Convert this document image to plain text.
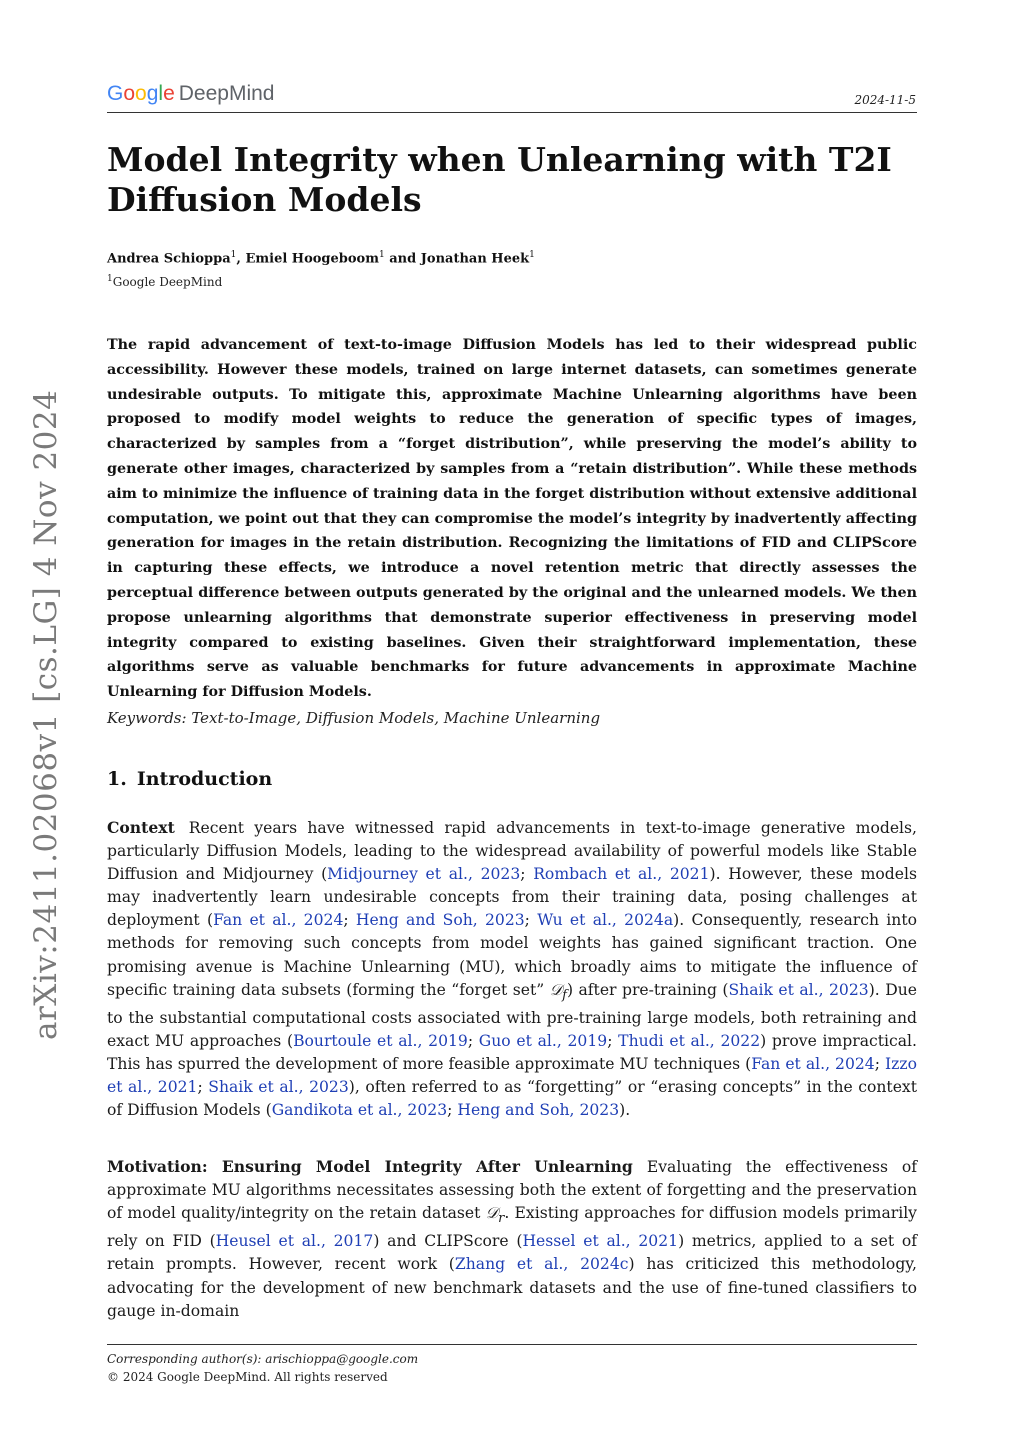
Google DeepMind	2024-11-5
arXiv:2411.02068v1 [cs.LG] 4 Nov 2024
Model Integrity when Unlearning with T2I Diffusion Models
Andrea Schioppa$^1$, Emiel Hoogeboom$^1$ and Jonathan Heek$^1$
$^1$Google DeepMind
The rapid advancement of text-to-image Diffusion Models has led to their widespread public accessibility. However these models, trained on large internet datasets, can sometimes generate undesirable outputs. To mitigate this, approximate Machine Unlearning algorithms have been proposed to modify model weights to reduce the generation of specific types of images, characterized by samples from a “forget distribution”, while preserving the model’s ability to generate other images, characterized by samples from a “retain distribution”. While these methods aim to minimize the influence of training data in the forget distribution without extensive additional computation, we point out that they can compromise the model’s integrity by inadvertently affecting generation for images in the retain distribution. Recognizing the limitations of FID and CLIPScore in capturing these effects, we introduce a novel retention metric that directly assesses the perceptual difference between outputs generated by the original and the unlearned models. We then propose unlearning algorithms that demonstrate superior effectiveness in preserving model integrity compared to existing baselines. Given their straightforward implementation, these algorithms serve as valuable benchmarks for future advancements in approximate Machine Unlearning for Diffusion Models.
Keywords: Text-to-Image, Diffusion Models, Machine Unlearning
1. Introduction
Context Recent years have witnessed rapid advancements in text-to-image generative models, particularly Diffusion Models, leading to the widespread availability of powerful models like Stable Diffusion and Midjourney (Midjourney et al., 2023; Rombach et al., 2021). However, these models may inadvertently learn undesirable concepts from their training data, posing challenges at deployment (Fan et al., 2024; Heng and Soh, 2023; Wu et al., 2024a). Consequently, research into methods for removing such concepts from model weights has gained significant traction. One promising avenue is Machine Unlearning (MU), which broadly aims to mitigate the influence of specific training data subsets (forming the “forget set” 𝒟$_f$) after pre-training (Shaik et al., 2023). Due to the substantial computational costs associated with pre-training large models, both retraining and exact MU approaches (Bourtoule et al., 2019; Guo et al., 2019; Thudi et al., 2022) prove impractical. This has spurred the development of more feasible approximate MU techniques (Fan et al., 2024; Izzo et al., 2021; Shaik et al., 2023), often referred to as “forgetting” or “erasing concepts” in the context of Diffusion Models (Gandikota et al., 2023; Heng and Soh, 2023).
Motivation: Ensuring Model Integrity After Unlearning Evaluating the effectiveness of approximate MU algorithms necessitates assessing both the extent of forgetting and the preservation of model quality/integrity on the retain dataset 𝒟$_r$. Existing approaches for diffusion models primarily rely on FID (Heusel et al., 2017) and CLIPScore (Hessel et al., 2021) metrics, applied to a set of retain prompts. However, recent work (Zhang et al., 2024c) has criticized this methodology, advocating for the development of new benchmark datasets and the use of fine-tuned classifiers to gauge in-domain
Corresponding author(s): arischioppa@google.com
© 2024 Google DeepMind. All rights reserved
